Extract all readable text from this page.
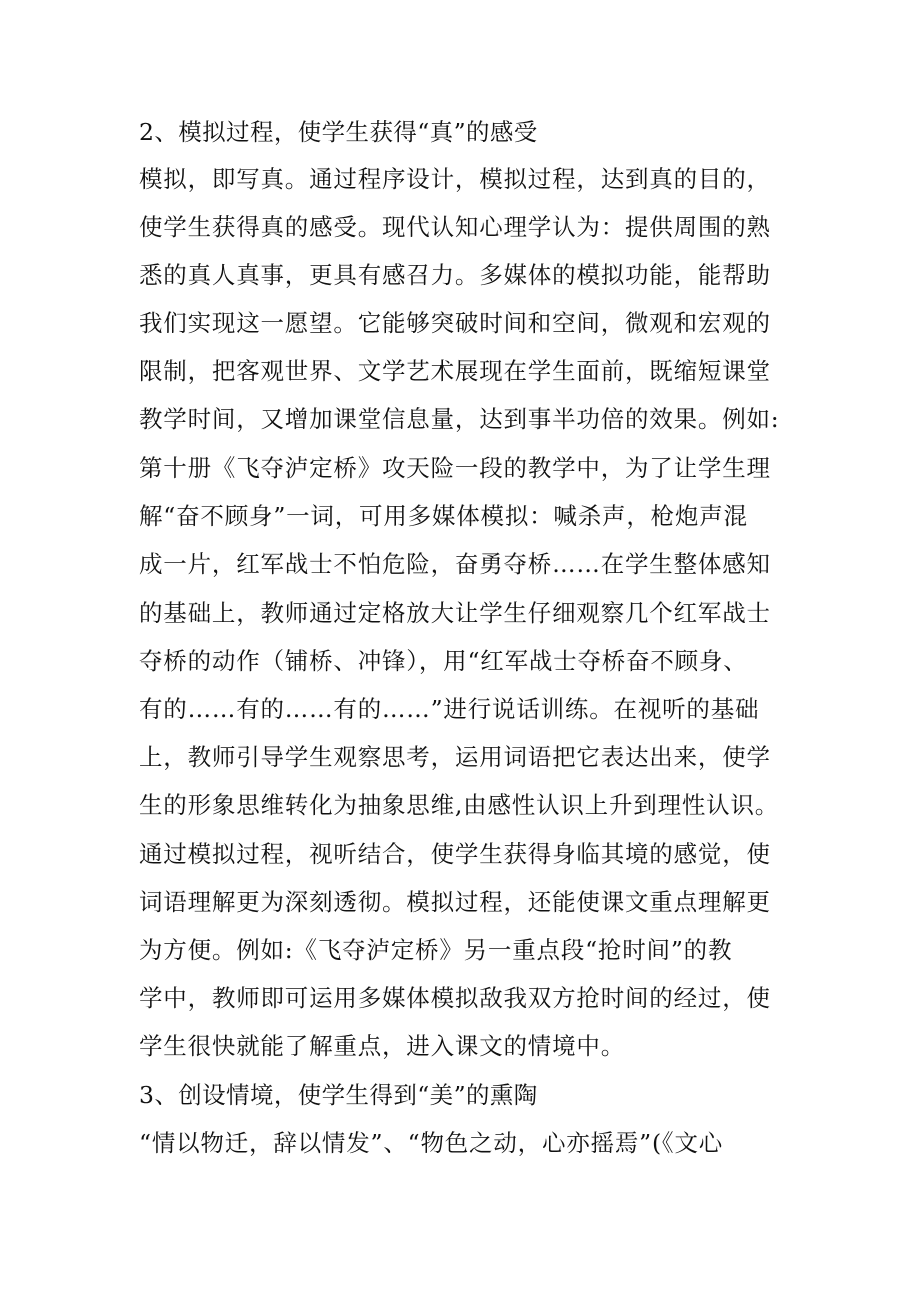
2、模拟过程，使学生获得“真”的感受
模拟，即写真。通过程序设计，模拟过程，达到真的目的，
使学生获得真的感受。现代认知心理学认为：提供周围的熟
悉的真人真事，更具有感召力。多媒体的模拟功能，能帮助
我们实现这一愿望。它能够突破时间和空间，微观和宏观的
限制，把客观世界、文学艺术展现在学生面前，既缩短课堂
教学时间，又增加课堂信息量，达到事半功倍的效果。例如:
第十册《飞夺泸定桥》攻天险一段的教学中，为了让学生理
解“奋不顾身”一词，可用多媒体模拟：喊杀声，枪炮声混
成一片，红军战士不怕危险，奋勇夺桥……在学生整体感知
的基础上，教师通过定格放大让学生仔细观察几个红军战士
夺桥的动作（铺桥、冲锋），用“红军战士夺桥奋不顾身、
有的……有的……有的……”进行说话训练。在视听的基础
上，教师引导学生观察思考，运用词语把它表达出来，使学
生的形象思维转化为抽象思维,由感性认识上升到理性认识。
通过模拟过程，视听结合，使学生获得身临其境的感觉，使
词语理解更为深刻透彻。模拟过程，还能使课文重点理解更
为方便。例如:《飞夺泸定桥》另一重点段“抢时间”的教
学中，教师即可运用多媒体模拟敌我双方抢时间的经过，使
学生很快就能了解重点，进入课文的情境中。
3、创设情境，使学生得到“美”的熏陶
“情以物迁，辞以情发”、“物色之动，心亦摇焉”(《文心
